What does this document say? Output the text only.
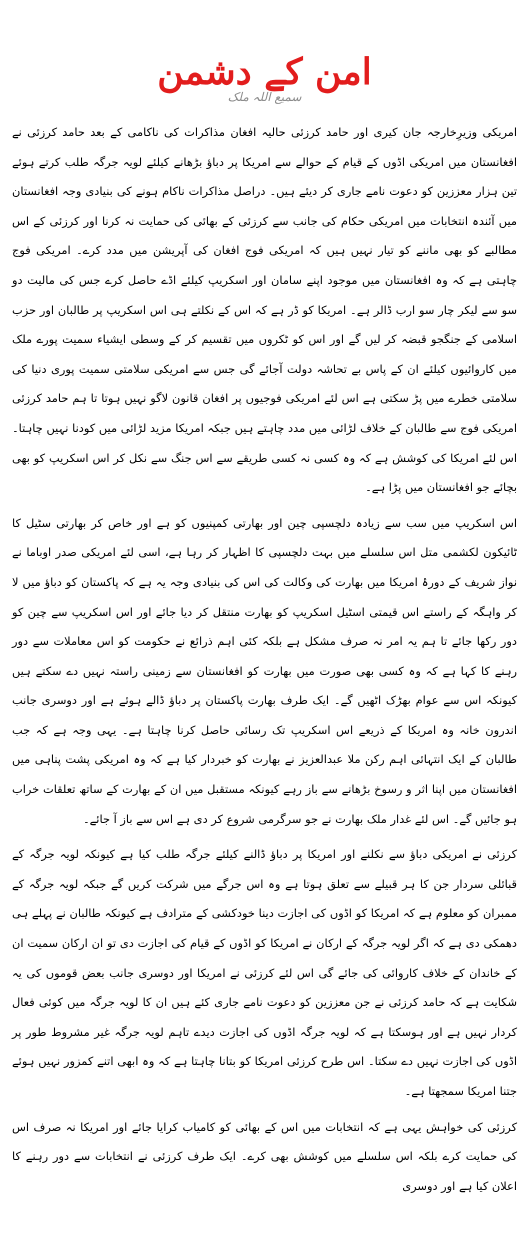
امن کے دشمن
سمیع اللہ ملک

امریکی وزیرِخارجہ جان کیری اور حامد کرزئی حالیہ افغان مذاکرات کی ناکامی کے بعد حامد کرزئی نے افغانستان میں امریکی اڈوں کے قیام کے حوالے سے امریکا پر دباؤ بڑھانے کیلئے لویہ جرگہ طلب کرتے ہوئے تین ہزار معززین کو دعوت نامے جاری کر دیئے ہیں۔ دراصل مذاکرات ناکام ہونے کی بنیادی وجہ افغانستان میں آئندہ انتخابات میں امریکی حکام کی جانب سے کرزئی کے بھائی کی حمایت نہ کرنا اور کرزئی کے اس مطالبے کو بھی ماننے کو تیار نہیں ہیں کہ امریکی فوج افغان کی آپریشن میں مدد کرے۔ امریکی فوج چاہتی ہے کہ وہ افغانستان میں موجود اپنے سامان اور اسکریپ کیلئے اڈے حاصل کرے جس کی مالیت دو سو سے لیکر چار سو ارب ڈالر ہے۔ امریکا کو ڈر ہے کہ اس کے نکلتے ہی اس اسکریپ پر طالبان اور حزب اسلامی کے جنگجو قبضہ کر لیں گے اور اس کو ٹکروں میں تقسیم کر کے وسطی ایشیاء سمیت پورے ملک میں کاروائیوں کیلئے ان کے پاس بے تحاشہ دولت آجائے گی جس سے امریکی سلامتی سمیت پوری دنیا کی سلامتی خطرے میں پڑ سکتی ہے اس لئے امریکی فوجیوں پر افغان قانون لاگو نہیں ہوتا تا ہم حامد کرزئی امریکی فوج سے طالبان کے خلاف لڑائی میں مدد چاہتے ہیں جبکہ امریکا مزید لڑائی میں کودنا نہیں چاہتا۔ اس لئے امریکا کی کوشش ہے کہ وہ کسی نہ کسی طریقے سے اس جنگ سے نکل کر اس اسکریپ کو بھی بچائے جو افغانستان میں پڑا ہے۔

اس اسکریپ میں سب سے زیادہ دلچسپی چین اور بھارتی کمپنیوں کو ہے اور خاص کر بھارتی سٹیل کا ٹائیکون لکشمی متل اس سلسلے میں بہت دلچسپی کا اظہار کر رہا ہے، اسی لئے امریکی صدر اوباما نے نواز شریف کے دورۂ امریکا میں بھارت کی وکالت کی اس کی بنیادی وجہ یہ ہے کہ پاکستان کو دباؤ میں لا کر واہگہ کے راستے اس قیمتی اسٹیل اسکریپ کو بھارت منتقل کر دیا جائے اور اس اسکریپ سے چین کو دور رکھا جائے تا ہم یہ امر نہ صرف مشکل ہے بلکہ کئی اہم ذرائع نے حکومت کو اس معاملات سے دور رہنے کا کہا ہے کہ وہ کسی بھی صورت میں بھارت کو افغانستان سے زمینی راستہ نہیں دے سکتے ہیں کیونکہ اس سے عوام بھڑک اٹھیں گے۔ ایک طرف بھارت پاکستان پر دباؤ ڈالے ہوئے ہے اور دوسری جانب اندرون خانہ وہ امریکا کے ذریعے اس اسکریپ تک رسائی حاصل کرنا چاہتا ہے۔ یہی وجہ ہے کہ جب طالبان کے ایک انتہائی اہم رکن ملا عبدالعزیز نے بھارت کو خبردار کیا ہے کہ وہ امریکی پشت پناہی میں افغانستان میں اپنا اثر و رسوخ بڑھانے سے باز رہے کیونکہ مستقبل میں ان کے بھارت کے ساتھ تعلقات خراب ہو جائیں گے۔ اس لئے غدار ملک بھارت نے جو سرگرمی شروع کر دی ہے اس سے باز آ جائے۔

کرزئی نے امریکی دباؤ سے نکلنے اور امریکا پر دباؤ ڈالنے کیلئے جرگہ طلب کیا ہے کیونکہ لویہ جرگہ کے قبائلی سردار جن کا ہر قبیلے سے تعلق ہوتا ہے وہ اس جرگے میں شرکت کریں گے جبکہ لویہ جرگہ کے ممبران کو معلوم ہے کہ امریکا کو اڈوں کی اجازت دینا خودکشی کے مترادف ہے کیونکہ طالبان نے پہلے ہی دھمکی دی ہے کہ اگر لویہ جرگہ کے ارکان نے امریکا کو اڈوں کے قیام کی اجازت دی تو ان ارکان سمیت ان کے خاندان کے خلاف کاروائی کی جائے گی اس لئے کرزئی نے امریکا اور دوسری جانب بعض قوموں کی یہ شکایت ہے کہ حامد کرزئی نے جن معززین کو دعوت نامے جاری کئے ہیں ان کا لویہ جرگہ میں کوئی فعال کردار نہیں ہے اور ہوسکتا ہے کہ لویہ جرگہ اڈوں کی اجازت دیدے تاہم لویہ جرگہ غیر مشروط طور پر اڈوں کی اجازت نہیں دے سکتا۔ اس طرح کرزئی امریکا کو بتانا چاہتا ہے کہ وہ ابھی اتنے کمزور نہیں ہوئے جتنا امریکا سمجھتا ہے۔

کرزئی کی خواہش یہی ہے کہ انتخابات میں اس کے بھائی کو کامیاب کرایا جائے اور امریکا نہ صرف اس کی حمایت کرے بلکہ اس سلسلے میں کوشش بھی کرے۔ ایک طرف کرزئی نے انتخابات سے دور رہنے کا اعلان کیا ہے اور دوسری
